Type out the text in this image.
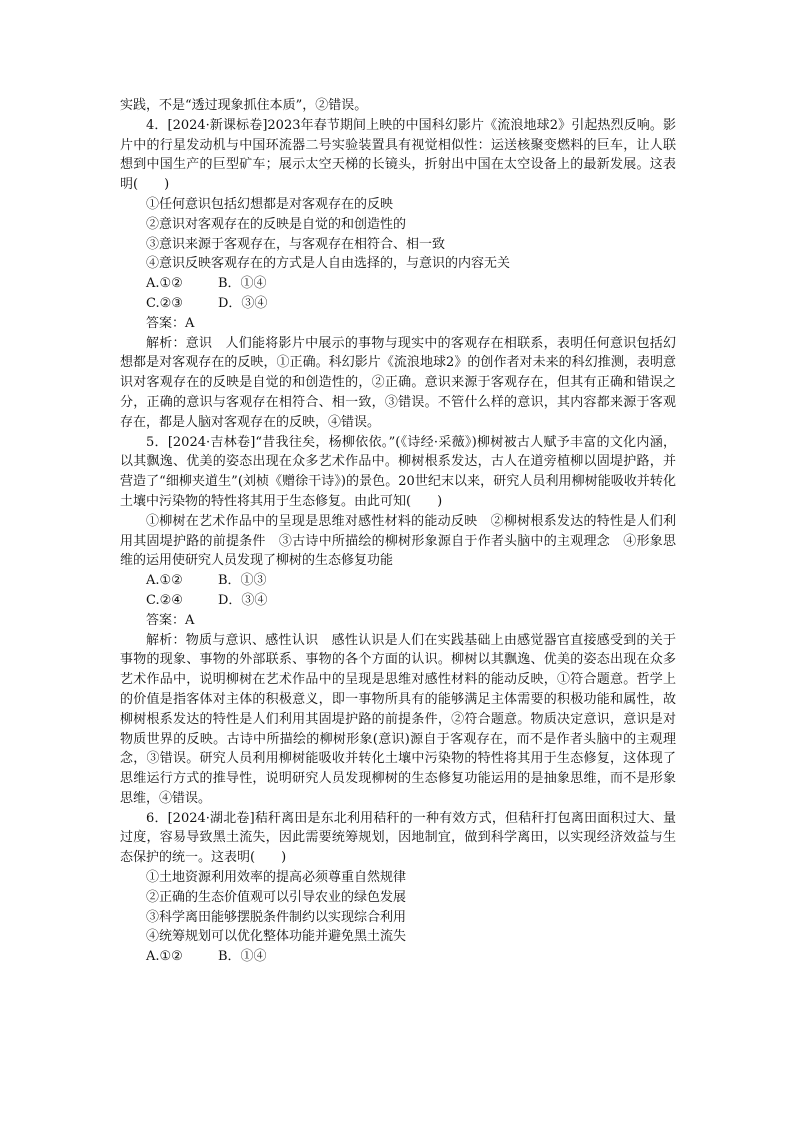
实践，不是“透过现象抓住本质”，②错误。
4．[2024·新课标卷]2023年春节期间上映的中国科幻影片《流浪地球2》引起热烈反响。影片中的行星发动机与中国环流器二号实验装置具有视觉相似性：运送核聚变燃料的巨车，让人联想到中国生产的巨型矿车；展示太空天梯的长镜头，折射出中国在太空设备上的最新发展。这表明(　　)
①任何意识包括幻想都是对客观存在的反映
②意识对客观存在的反映是自觉的和创造性的
③意识来源于客观存在，与客观存在相符合、相一致
④意识反映客观存在的方式是人自由选择的，与意识的内容无关
A.①②	B．①④
C.②③	D．③④
答案：A
解析：意识　人们能将影片中展示的事物与现实中的客观存在相联系，表明任何意识包括幻想都是对客观存在的反映，①正确。科幻影片《流浪地球2》的创作者对未来的科幻推测，表明意识对客观存在的反映是自觉的和创造性的，②正确。意识来源于客观存在，但其有正确和错误之分，正确的意识与客观存在相符合、相一致，③错误。不管什么样的意识，其内容都来源于客观存在，都是人脑对客观存在的反映，④错误。
5．[2024·吉林卷]“昔我往矣，杨柳依依。”(《诗经·采薇》)柳树被古人赋予丰富的文化内涵，以其飘逸、优美的姿态出现在众多艺术作品中。柳树根系发达，古人在道旁植柳以固堤护路，并营造了“细柳夹道生”(刘桢《赠徐干诗》)的景色。20世纪末以来，研究人员利用柳树能吸收并转化土壤中污染物的特性将其用于生态修复。由此可知(　　)
①柳树在艺术作品中的呈现是思维对感性材料的能动反映　②柳树根系发达的特性是人们利用其固堤护路的前提条件　③古诗中所描绘的柳树形象源自于作者头脑中的主观理念　④形象思维的运用使研究人员发现了柳树的生态修复功能
A.①②	B．①③
C.②④	D．③④
答案：A
解析：物质与意识、感性认识　感性认识是人们在实践基础上由感觉器官直接感受到的关于事物的现象、事物的外部联系、事物的各个方面的认识。柳树以其飘逸、优美的姿态出现在众多艺术作品中，说明柳树在艺术作品中的呈现是思维对感性材料的能动反映，①符合题意。哲学上的价值是指客体对主体的积极意义，即一事物所具有的能够满足主体需要的积极功能和属性，故柳树根系发达的特性是人们利用其固堤护路的前提条件，②符合题意。物质决定意识，意识是对物质世界的反映。古诗中所描绘的柳树形象(意识)源自于客观存在，而不是作者头脑中的主观理念，③错误。研究人员利用柳树能吸收并转化土壤中污染物的特性将其用于生态修复，这体现了思维运行方式的推导性，说明研究人员发现柳树的生态修复功能运用的是抽象思维，而不是形象思维，④错误。
6．[2024·湖北卷]秸秆离田是东北利用秸秆的一种有效方式，但秸秆打包离田面积过大、量过度，容易导致黑土流失，因此需要统筹规划，因地制宜，做到科学离田，以实现经济效益与生态保护的统一。这表明(　　)
①土地资源利用效率的提高必须尊重自然规律
②正确的生态价值观可以引导农业的绿色发展
③科学离田能够摆脱条件制约以实现综合利用
④统筹规划可以优化整体功能并避免黑土流失
A.①②	B．①④
